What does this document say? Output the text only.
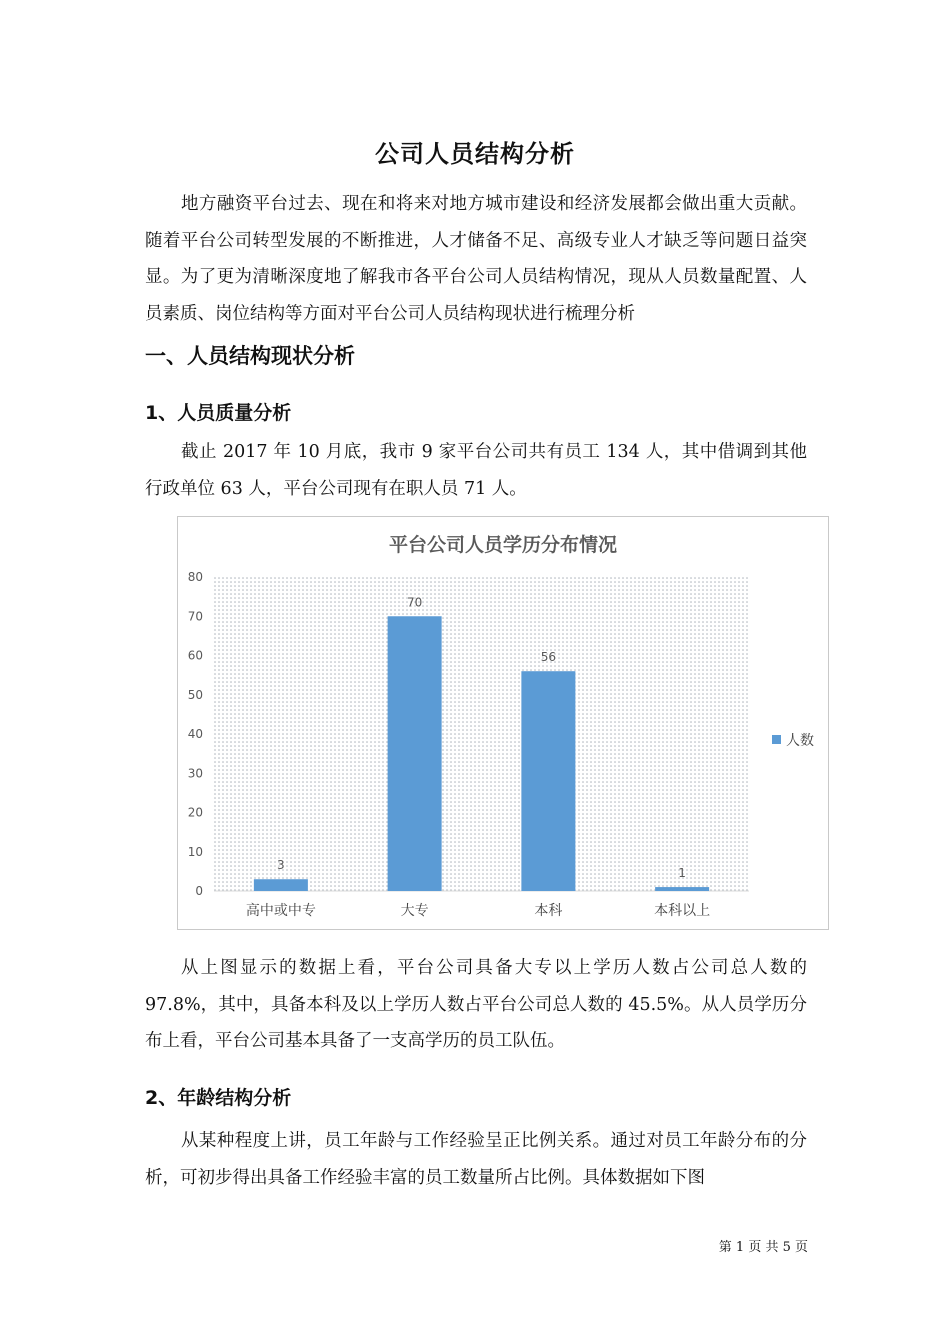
公司人员结构分析
地方融资平台过去、现在和将来对地方城市建设和经济发展都会做出重大贡献。随着平台公司转型发展的不断推进，人才储备不足、高级专业人才缺乏等问题日益突显。为了更为清晰深度地了解我市各平台公司人员结构情况，现从人员数量配置、人员素质、岗位结构等方面对平台公司人员结构现状进行梳理分析
一、人员结构现状分析
1、人员质量分析
截止 2017 年 10 月底，我市 9 家平台公司共有员工 134 人，其中借调到其他行政单位 63 人，平台公司现有在职人员 71 人。
平台公司人员学历分布情况
0
10
20
30
40
50
60
70
80
3
高中或中专
70
大专
56
本科
1
本科以上
人数
从上图显示的数据上看，平台公司具备大专以上学历人数占公司总人数的 97.8%，其中，具备本科及以上学历人数占平台公司总人数的 45.5%。从人员学历分布上看，平台公司基本具备了一支高学历的员工队伍。
2、年龄结构分析
从某种程度上讲，员工年龄与工作经验呈正比例关系。通过对员工年龄分布的分析，可初步得出具备工作经验丰富的员工数量所占比例。具体数据如下图
第 1 页 共 5 页
